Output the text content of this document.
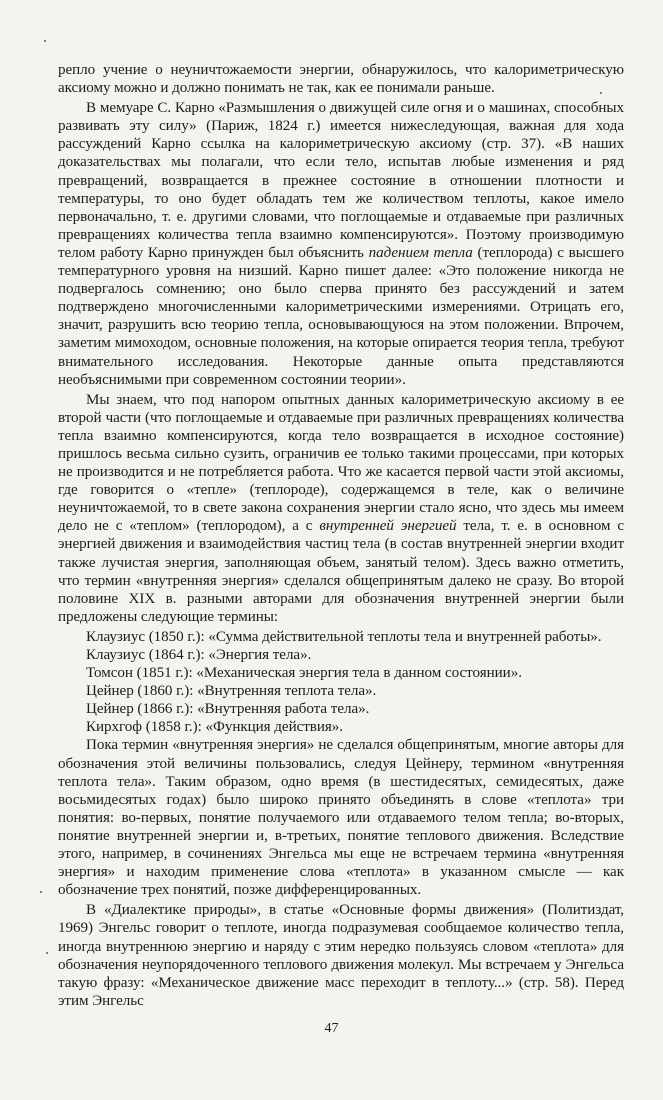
репло учение о неуничтожаемости энергии, обнаружилось, что калориметрическую аксиому можно и должно понимать не так, как ее понимали раньше.

В мемуаре С. Карно «Размышления о движущей силе огня и о машинах, способных развивать эту силу» (Париж, 1824 г.) имеется нижеследующая, важная для хода рассуждений Карно ссылка на калориметрическую аксиому (стр. 37). «В наших доказательствах мы полагали, что если тело, испытав любые изменения и ряд превращений, возвращается в прежнее состояние в отношении плотности и температуры, то оно будет обладать тем же количеством теплоты, какое имело первоначально, т. е. другими словами, что поглощаемые и отдаваемые при различных превращениях количества тепла взаимно компенсируются». Поэтому производимую телом работу Карно принужден был объяснить падением тепла (теплорода) с высшего температурного уровня на низший. Карно пишет далее: «Это положение никогда не подвергалось сомнению; оно было сперва принято без рассуждений и затем подтверждено многочисленными калориметрическими измерениями. Отрицать его, значит, разрушить всю теорию тепла, основывающуюся на этом положении. Впрочем, заметим мимоходом, основные положения, на которые опирается теория тепла, требуют внимательного исследования. Некоторые данные опыта представляются необъяснимыми при современном состоянии теории».

Мы знаем, что под напором опытных данных калориметрическую аксиому в ее второй части (что поглощаемые и отдаваемые при различных превращениях количества тепла взаимно компенсируются, когда тело возвращается в исходное состояние) пришлось весьма сильно сузить, ограничив ее только такими процессами, при которых не производится и не потребляется работа. Что же касается первой части этой аксиомы, где говорится о «тепле» (теплороде), содержащемся в теле, как о величине неуничтожаемой, то в свете закона сохранения энергии стало ясно, что здесь мы имеем дело не с «теплом» (теплородом), а с внутренней энергией тела, т. е. в основном с энергией движения и взаимодействия частиц тела (в состав внутренней энергии входит также лучистая энергия, заполняющая объем, занятый телом). Здесь важно отметить, что термин «внутренняя энергия» сделался общепринятым далеко не сразу. Во второй половине XIX в. разными авторами для обозначения внутренней энергии были предложены следующие термины:

Клаузиус (1850 г.): «Сумма действительной теплоты тела и внутренней работы».

Клаузиус (1864 г.): «Энергия тела».

Томсон (1851 г.): «Механическая энергия тела в данном состоянии».

Цейнер (1860 г.): «Внутренняя теплота тела».

Цейнер (1866 г.): «Внутренняя работа тела».

Кирхгоф (1858 г.): «Функция действия».

Пока термин «внутренняя энергия» не сделался общепринятым, многие авторы для обозначения этой величины пользовались, следуя Цейнеру, термином «внутренняя теплота тела». Таким образом, одно время (в шестидесятых, семидесятых, даже восьмидесятых годах) было широко принято объединять в слове «теплота» три понятия: во-первых, понятие получаемого или отдаваемого телом тепла; во-вторых, понятие внутренней энергии и, в-третьих, понятие теплового движения. Вследствие этого, например, в сочинениях Энгельса мы еще не встречаем термина «внутренняя энергия» и находим применение слова «теплота» в указанном смысле — как обозначение трех понятий, позже дифференцированных.

В «Диалектике природы», в статье «Основные формы движения» (Политиздат, 1969) Энгельс говорит о теплоте, иногда подразумевая сообщаемое количество тепла, иногда внутреннюю энергию и наряду с этим нередко пользуясь словом «теплота» для обозначения неупорядоченного теплового движения молекул. Мы встречаем у Энгельса такую фразу: «Механическое движение масс переходит в теплоту...» (стр. 58). Перед этим Энгельс

47
